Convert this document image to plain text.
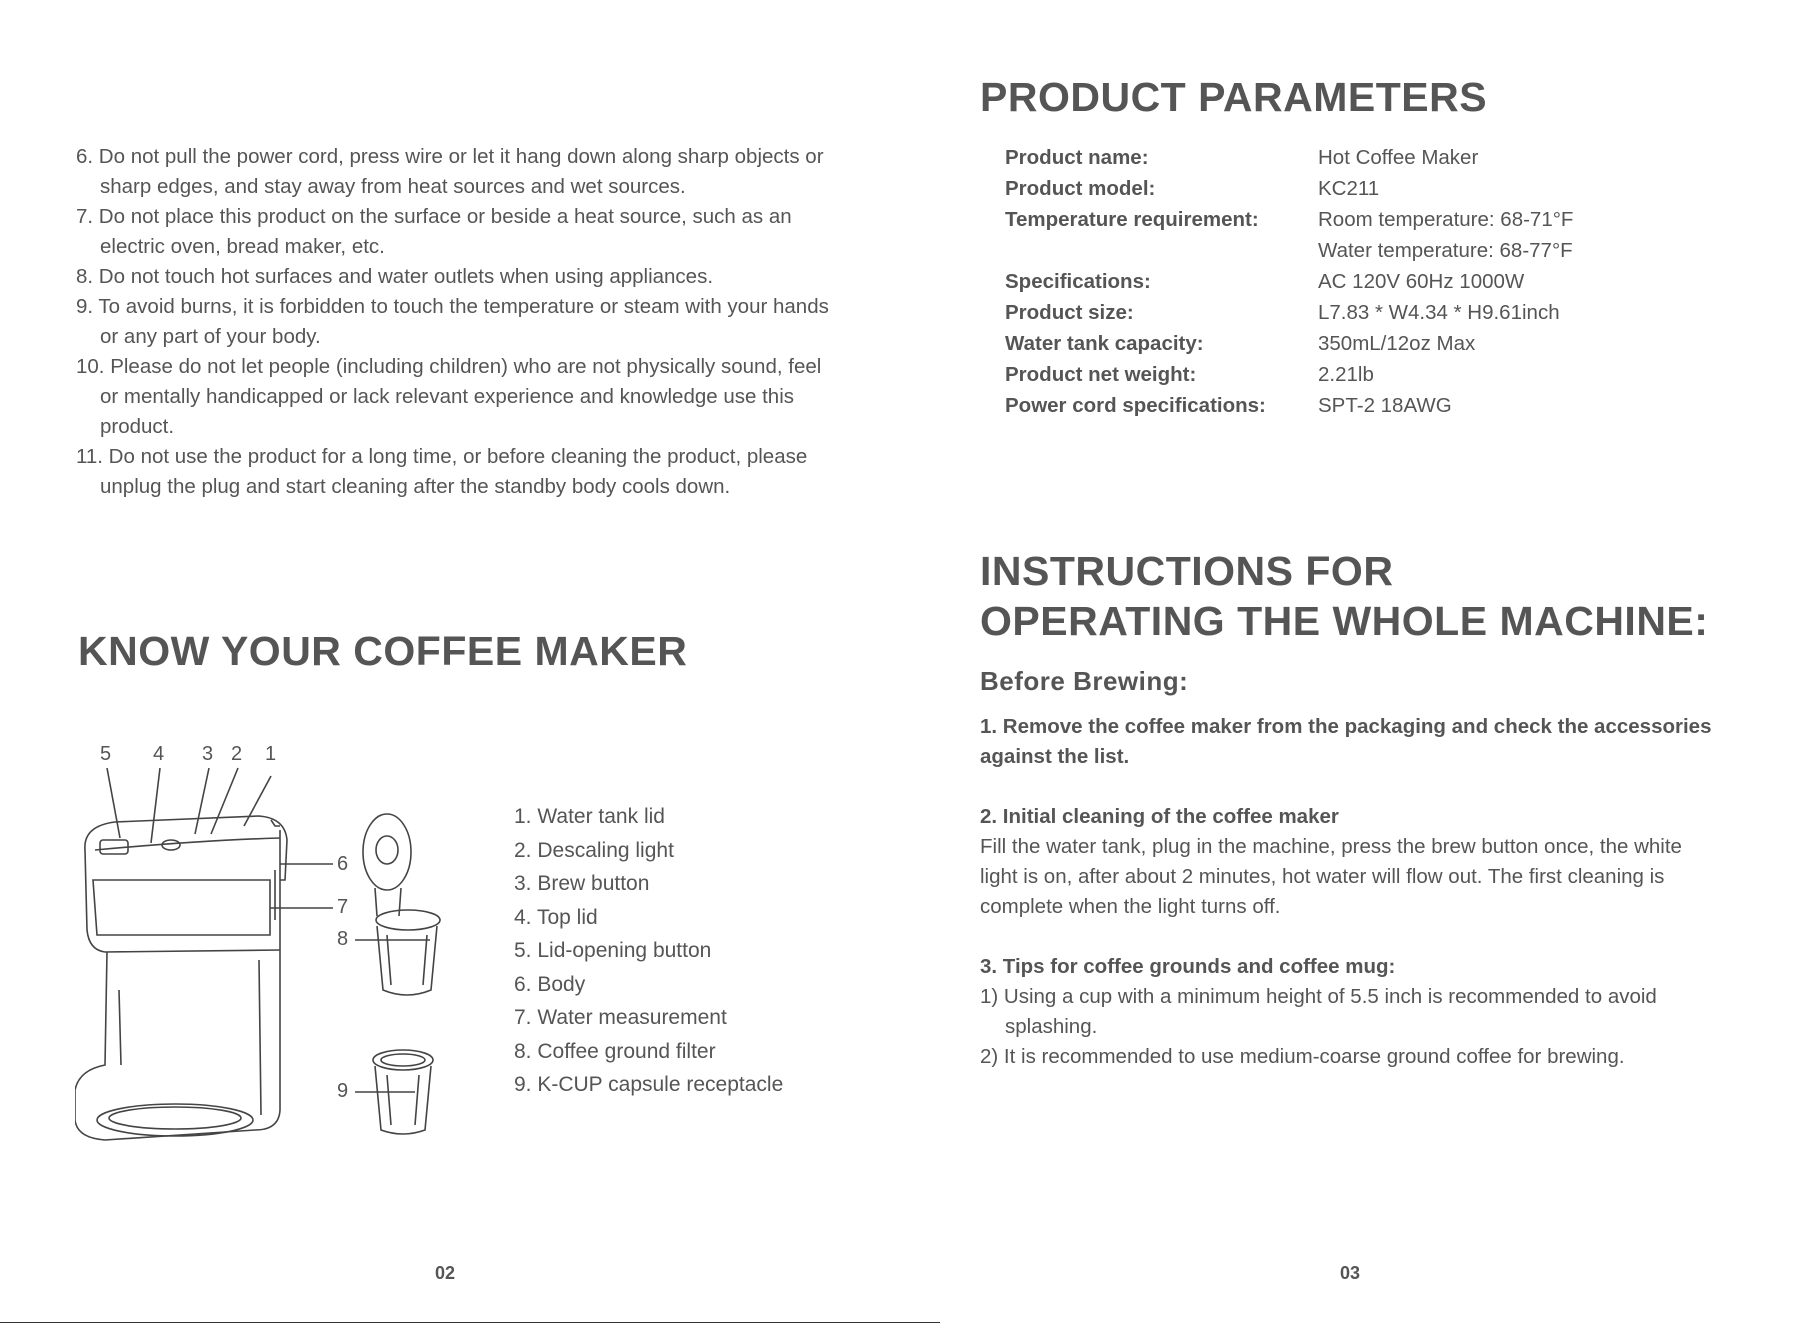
6. Do not pull the power cord, press wire or let it hang down along sharp objects or sharp edges, and stay away from heat sources and wet sources.

7. Do not place this product on the surface or beside a heat source, such as an electric oven, bread maker, etc.

8. Do not touch hot surfaces and water outlets when using appliances.

9. To avoid burns, it is forbidden to touch the temperature or steam with your hands or any part of your body.

10. Please do not let people (including children) who are not physically sound, feel or mentally handicapped or lack relevant experience and knowledge use this product.

11. Do not use the product for a long time, or before cleaning the product, please unplug the plug and start cleaning after the standby body cools down.

KNOW YOUR COFFEE MAKER
5 4 3 2 1
6
7
8
9
1. Water tank lid
2. Descaling light
3. Brew button
4. Top lid
5. Lid-opening button
6. Body
7. Water measurement
8. Coffee ground filter
9. K-CUP capsule receptacle
02
PRODUCT PARAMETERS
Product name:	Hot Coffee Maker
Product model:	KC211
Temperature requirement:	Room temperature: 68-71°F
Water temperature: 68-77°F
Specifications:	AC 120V 60Hz 1000W
Product size:	L7.83 * W4.34 * H9.61inch
Water tank capacity:	350mL/12oz Max
Product net weight:	2.21lb
Power cord specifications:	SPT-2 18AWG
INSTRUCTIONS FOR
OPERATING THE WHOLE MACHINE:
Before Brewing:

1. Remove the coffee maker from the packaging and check the accessories against the list.

2. Initial cleaning of the coffee maker

Fill the water tank, plug in the machine, press the brew button once, the white light is on, after about 2 minutes, hot water will flow out. The first cleaning is complete when the light turns off.

3. Tips for coffee grounds and coffee mug:

1) Using a cup with a minimum height of 5.5 inch is recommended to avoid splashing.

2) It is recommended to use medium-coarse ground coffee for brewing.

03
